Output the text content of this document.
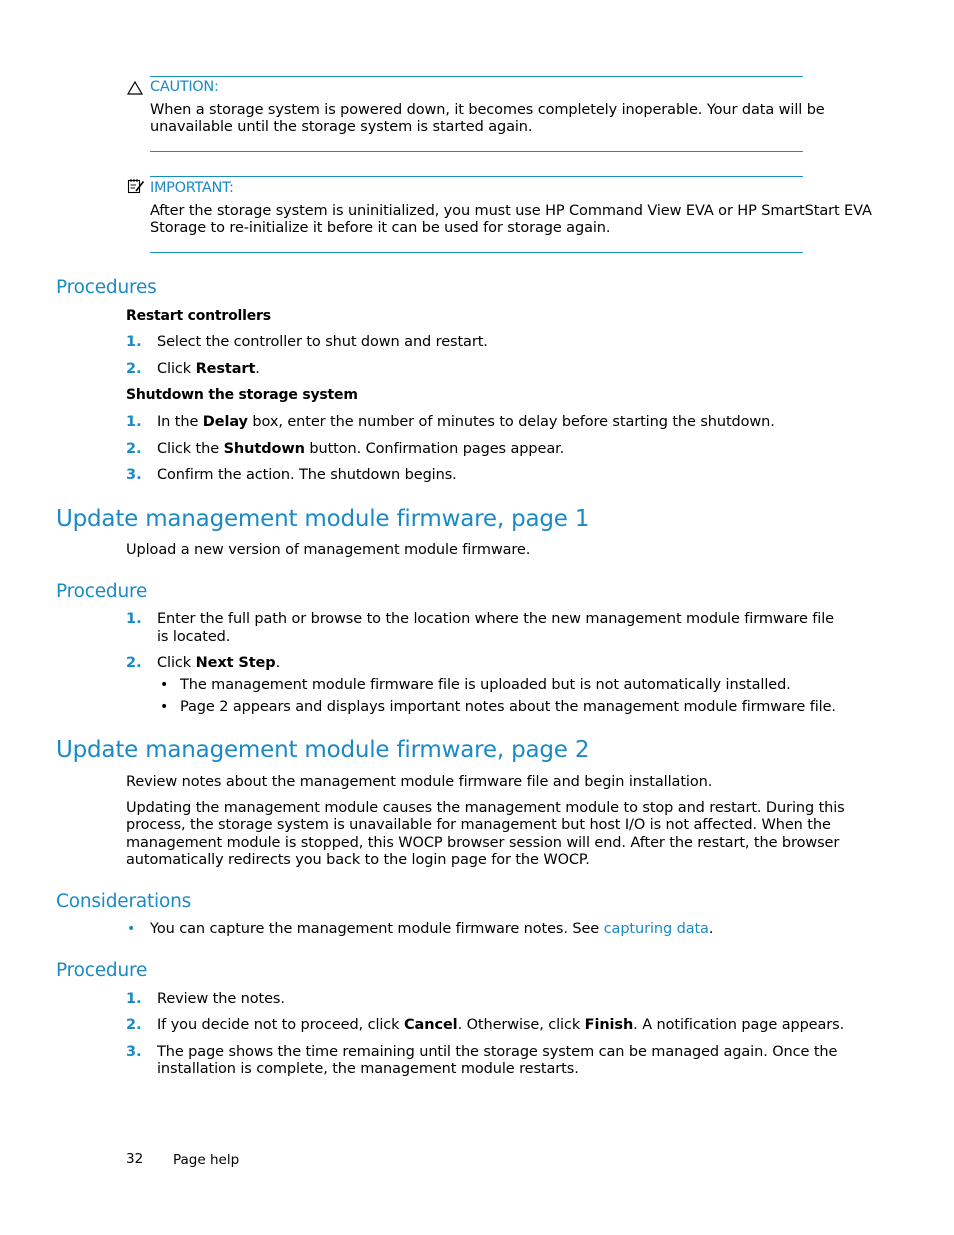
CAUTION:
When a storage system is powered down, it becomes completely inoperable. Your data will be
unavailable until the storage system is started again.
IMPORTANT:
After the storage system is uninitialized, you must use HP Command View EVA or HP SmartStart EVA
Storage to re-initialize it before it can be used for storage again.
Procedures
Restart controllers
1. Select the controller to shut down and restart.
2. Click Restart.
Shutdown the storage system
1. In the Delay box, enter the number of minutes to delay before starting the shutdown.
2. Click the Shutdown button. Confirmation pages appear.
3. Confirm the action. The shutdown begins.
Update management module firmware, page 1
Upload a new version of management module firmware.
Procedure
1. Enter the full path or browse to the location where the new management module firmware file
is located.
2. Click Next Step.
• The management module firmware file is uploaded but is not automatically installed.
• Page 2 appears and displays important notes about the management module firmware file.
Update management module firmware, page 2
Review notes about the management module firmware file and begin installation.
Updating the management module causes the management module to stop and restart. During this
process, the storage system is unavailable for management but host I/O is not affected. When the
management module is stopped, this WOCP browser session will end. After the restart, the browser
automatically redirects you back to the login page for the WOCP.
Considerations
• You can capture the management module firmware notes. See capturing data.
Procedure
1. Review the notes.
2. If you decide not to proceed, click Cancel. Otherwise, click Finish. A notification page appears.
3. The page shows the time remaining until the storage system can be managed again. Once the
installation is complete, the management module restarts.
32 Page help
